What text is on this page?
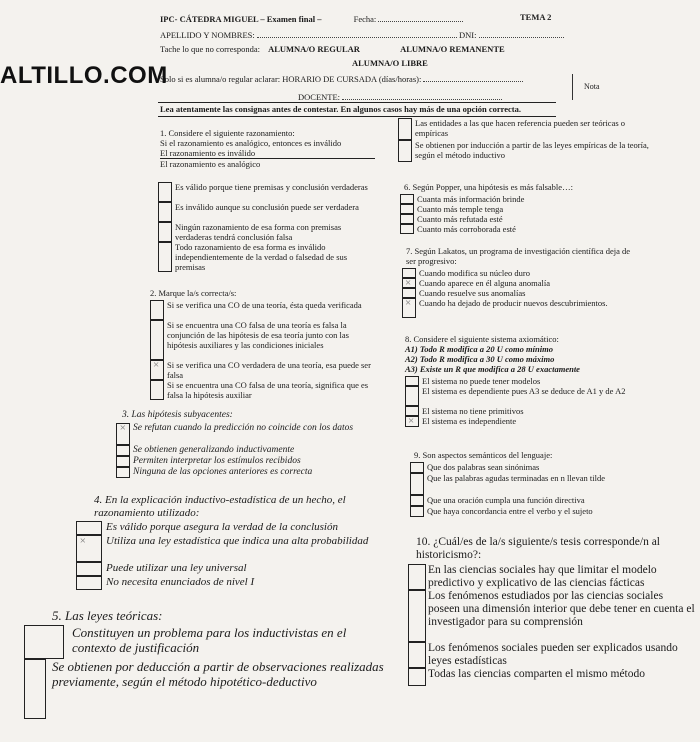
IPC- CÁTEDRA MIGUEL – Examen final –	Fecha:	TEMA 2
APELLIDO Y NOMBRES:	DNI:
Tache lo que no corresponda: ALUMNA/O REGULAR	ALUMNA/O REMANENTE
ALUMNA/O LIBRE
Solo si es alumna/o regular aclarar: HORARIO DE CURSADA (días/horas):
DOCENTE:
Nota
ALTILLO.COM
Lea atentamente las consignas antes de contestar. En algunos casos hay más de una opción correcta.
1. Considere el siguiente razonamiento:
Si el razonamiento es analógico, entonces es inválido
El razonamiento es inválido
El razonamiento es analógico
Es válido porque tiene premisas y conclusión verdaderas
Es inválido aunque su conclusión puede ser verdadera
Ningún razonamiento de esa forma con premisas verdaderas tendrá conclusión falsa
Todo razonamiento de esa forma es inválido independientemente de la verdad o falsedad de sus premisas
2. Marque la/s correcta/s:
Si se verifica una CO de una teoría, ésta queda verificada
Si se encuentra una CO falsa de una teoría es falsa la conjunción de las hipótesis de esa teoría junto con las hipótesis auxiliares y las condiciones iniciales
×
Si se verifica una CO verdadera de una teoría, esa puede ser falsa
Si se encuentra una CO falsa de una teoría, significa que es falsa la hipótesis auxiliar
3. Las hipótesis subyacentes:
×
Se refutan cuando la predicción no coincide con los datos
Se obtienen generalizando inductivamente
Permiten interpretar los estímulos recibidos
Ninguna de las opciones anteriores es correcta
4. En la explicación inductivo-estadística de un hecho, el razonamiento utilizado:
Es válido porque asegura la verdad de la conclusión
×
Utiliza una ley estadística que indica una alta probabilidad
Puede utilizar una ley universal
No necesita enunciados de nivel I
5. Las leyes teóricas:
Constituyen un problema para los inductivistas en el contexto de justificación
Se obtienen por deducción a partir de observaciones realizadas previamente, según el método hipotético-deductivo
Las entidades a las que hacen referencia pueden ser teóricas o empíricas
Se obtienen por inducción a partir de las leyes empíricas de la teoría, según el método inductivo
6. Según Popper, una hipótesis es más falsable…:
Cuanta más información brinde
Cuanto más temple tenga
Cuanto más refutada esté
Cuanto más corroborada esté
7. Según Lakatos, un programa de investigación científica deja de ser progresivo:
Cuando modifica su núcleo duro
×
Cuando aparece en él alguna anomalía
Cuando resuelve sus anomalías
×
Cuando ha dejado de producir nuevos descubrimientos.
8. Considere el siguiente sistema axiomático:
A1) Todo R modifica a 20 U como mínimo
A2) Todo R modifica a 30 U como máximo
A3) Existe un R que modifica a 28 U exactamente
El sistema no puede tener modelos
El sistema es dependiente pues A3 se deduce de A1 y de A2
El sistema no tiene primitivos
×
El sistema es independiente
9. Son aspectos semánticos del lenguaje:
Que dos palabras sean sinónimas
Que las palabras agudas terminadas en n llevan tilde
Que una oración cumpla una función directiva
Que haya concordancia entre el verbo y el sujeto
10. ¿Cuál/es de la/s siguiente/s tesis corresponde/n al historicismo?:
En las ciencias sociales hay que limitar el modelo predictivo y explicativo de las ciencias fácticas
Los fenómenos estudiados por las ciencias sociales poseen una dimensión interior que debe tener en cuenta el investigador para su comprensión
Los fenómenos sociales pueden ser explicados usando leyes estadísticas
Todas las ciencias comparten el mismo método
